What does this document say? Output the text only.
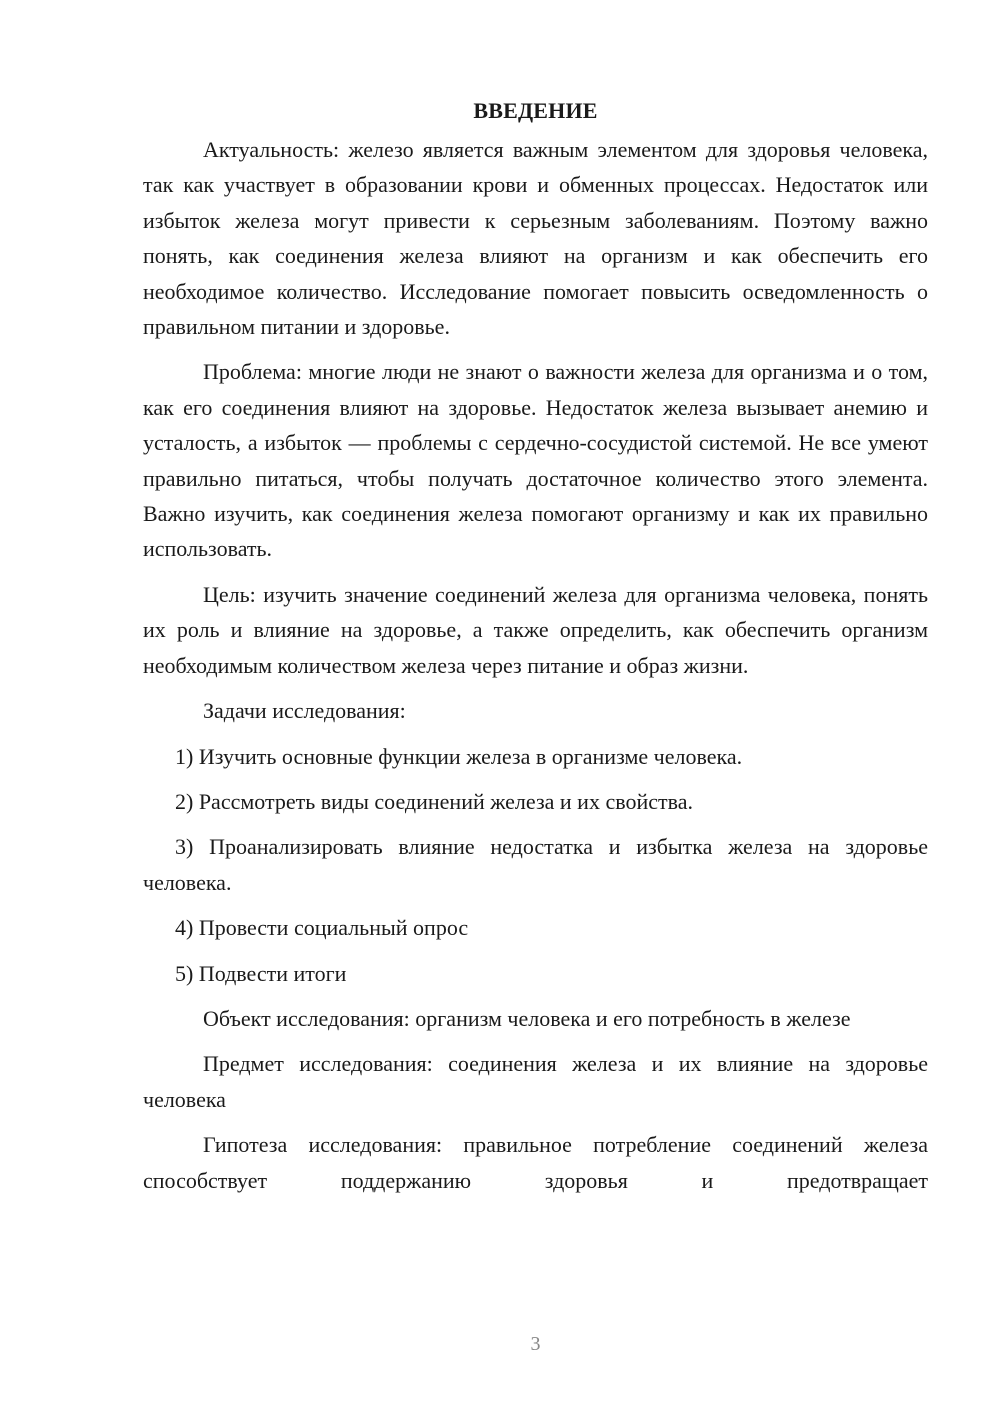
ВВЕДЕНИЕ

Актуальность: железо является важным элементом для здоровья человека, так как участвует в образовании крови и обменных процессах. Недостаток или избыток железа могут привести к серьезным заболеваниям. Поэтому важно понять, как соединения железа влияют на организм и как обеспечить его необходимое количество. Исследование помогает повысить осведомленность о правильном питании и здоровье.

Проблема: многие люди не знают о важности железа для организма и о том, как его соединения влияют на здоровье. Недостаток железа вызывает анемию и усталость, а избыток — проблемы с сердечно-сосудистой системой. Не все умеют правильно питаться, чтобы получать достаточное количество этого элемента. Важно изучить, как соединения железа помогают организму и как их правильно использовать.

Цель: изучить значение соединений железа для организма человека, понять их роль и влияние на здоровье, а также определить, как обеспечить организм необходимым количеством железа через питание и образ жизни.

Задачи исследования:

1) Изучить основные функции железа в организме человека.

2) Рассмотреть виды соединений железа и их свойства.

3) Проанализировать влияние недостатка и избытка железа на здоровье человека.

4) Провести социальный опрос

5) Подвести итоги

Объект исследования: организм человека и его потребность в железе

Предмет исследования: соединения железа и их влияние на здоровье человека

Гипотеза исследования: правильное потребление соединений железа способствует поддержанию здоровья и предотвращает

3
